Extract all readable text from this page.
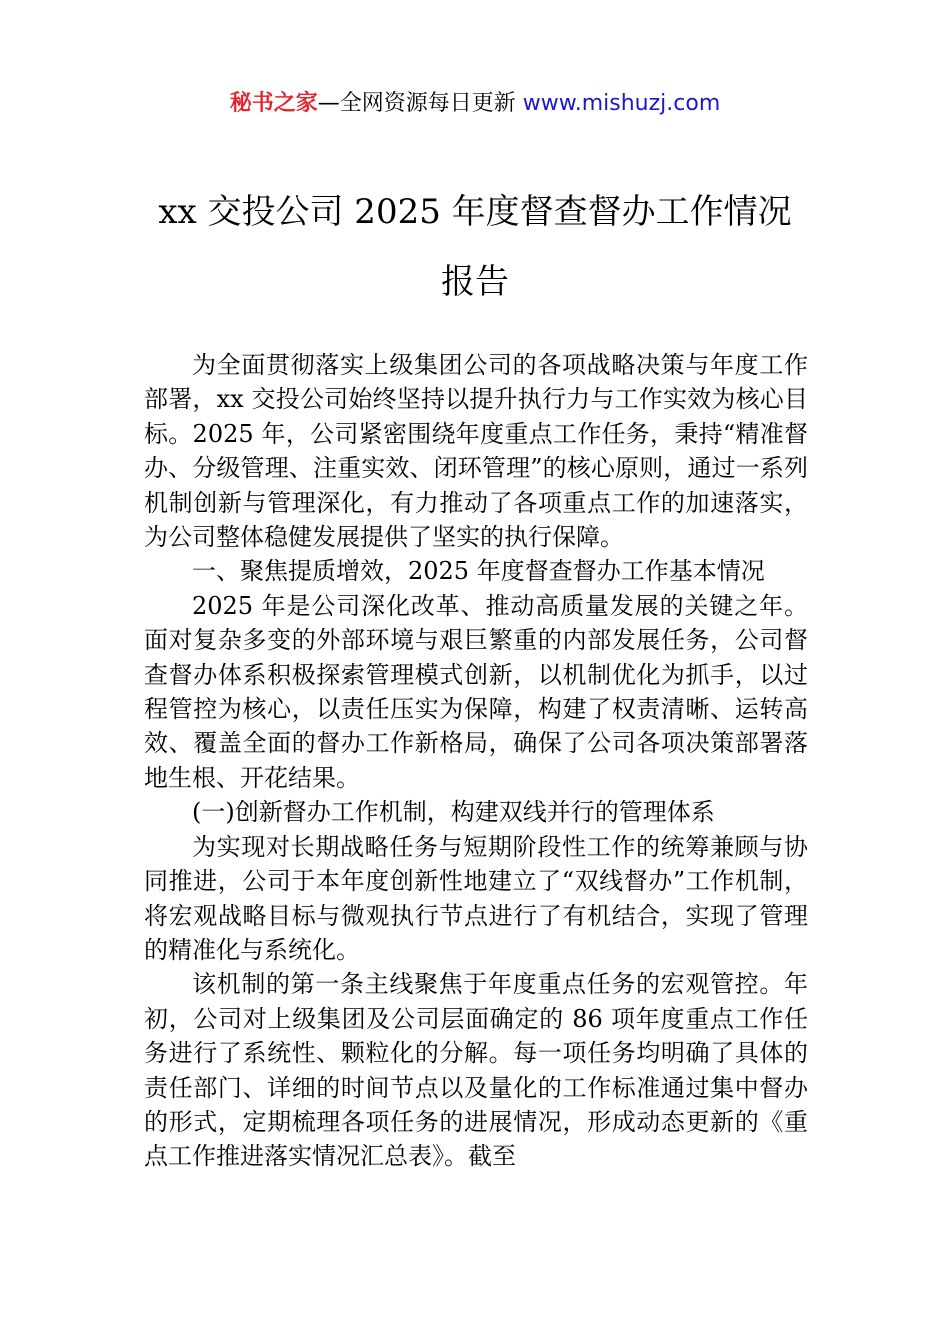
秘书之家—全网资源每日更新 www.mishuzj.com
xx 交投公司 2025 年度督查督办工作情况
报告

为全面贯彻落实上级集团公司的各项战略决策与年度工作部署，xx 交投公司始终坚持以提升执行力与工作实效为核心目标。2025 年，公司紧密围绕年度重点工作任务，秉持“精准督办、分级管理、注重实效、闭环管理”的核心原则，通过一系列机制创新与管理深化，有力推动了各项重点工作的加速落实，为公司整体稳健发展提供了坚实的执行保障。

一、聚焦提质增效，2025 年度督查督办工作基本情况

2025 年是公司深化改革、推动高质量发展的关键之年。面对复杂多变的外部环境与艰巨繁重的内部发展任务，公司督查督办体系积极探索管理模式创新，以机制优化为抓手，以过程管控为核心，以责任压实为保障，构建了权责清晰、运转高效、覆盖全面的督办工作新格局，确保了公司各项决策部署落地生根、开花结果。

(一)创新督办工作机制，构建双线并行的管理体系

为实现对长期战略任务与短期阶段性工作的统筹兼顾与协同推进，公司于本年度创新性地建立了“双线督办”工作机制，将宏观战略目标与微观执行节点进行了有机结合，实现了管理的精准化与系统化。

该机制的第一条主线聚焦于年度重点任务的宏观管控。年初，公司对上级集团及公司层面确定的 86 项年度重点工作任务进行了系统性、颗粒化的分解。每一项任务均明确了具体的责任部门、详细的时间节点以及量化的工作标准通过集中督办的形式，定期梳理各项任务的进展情况，形成动态更新的《重点工作推进落实情况汇总表》。截至
